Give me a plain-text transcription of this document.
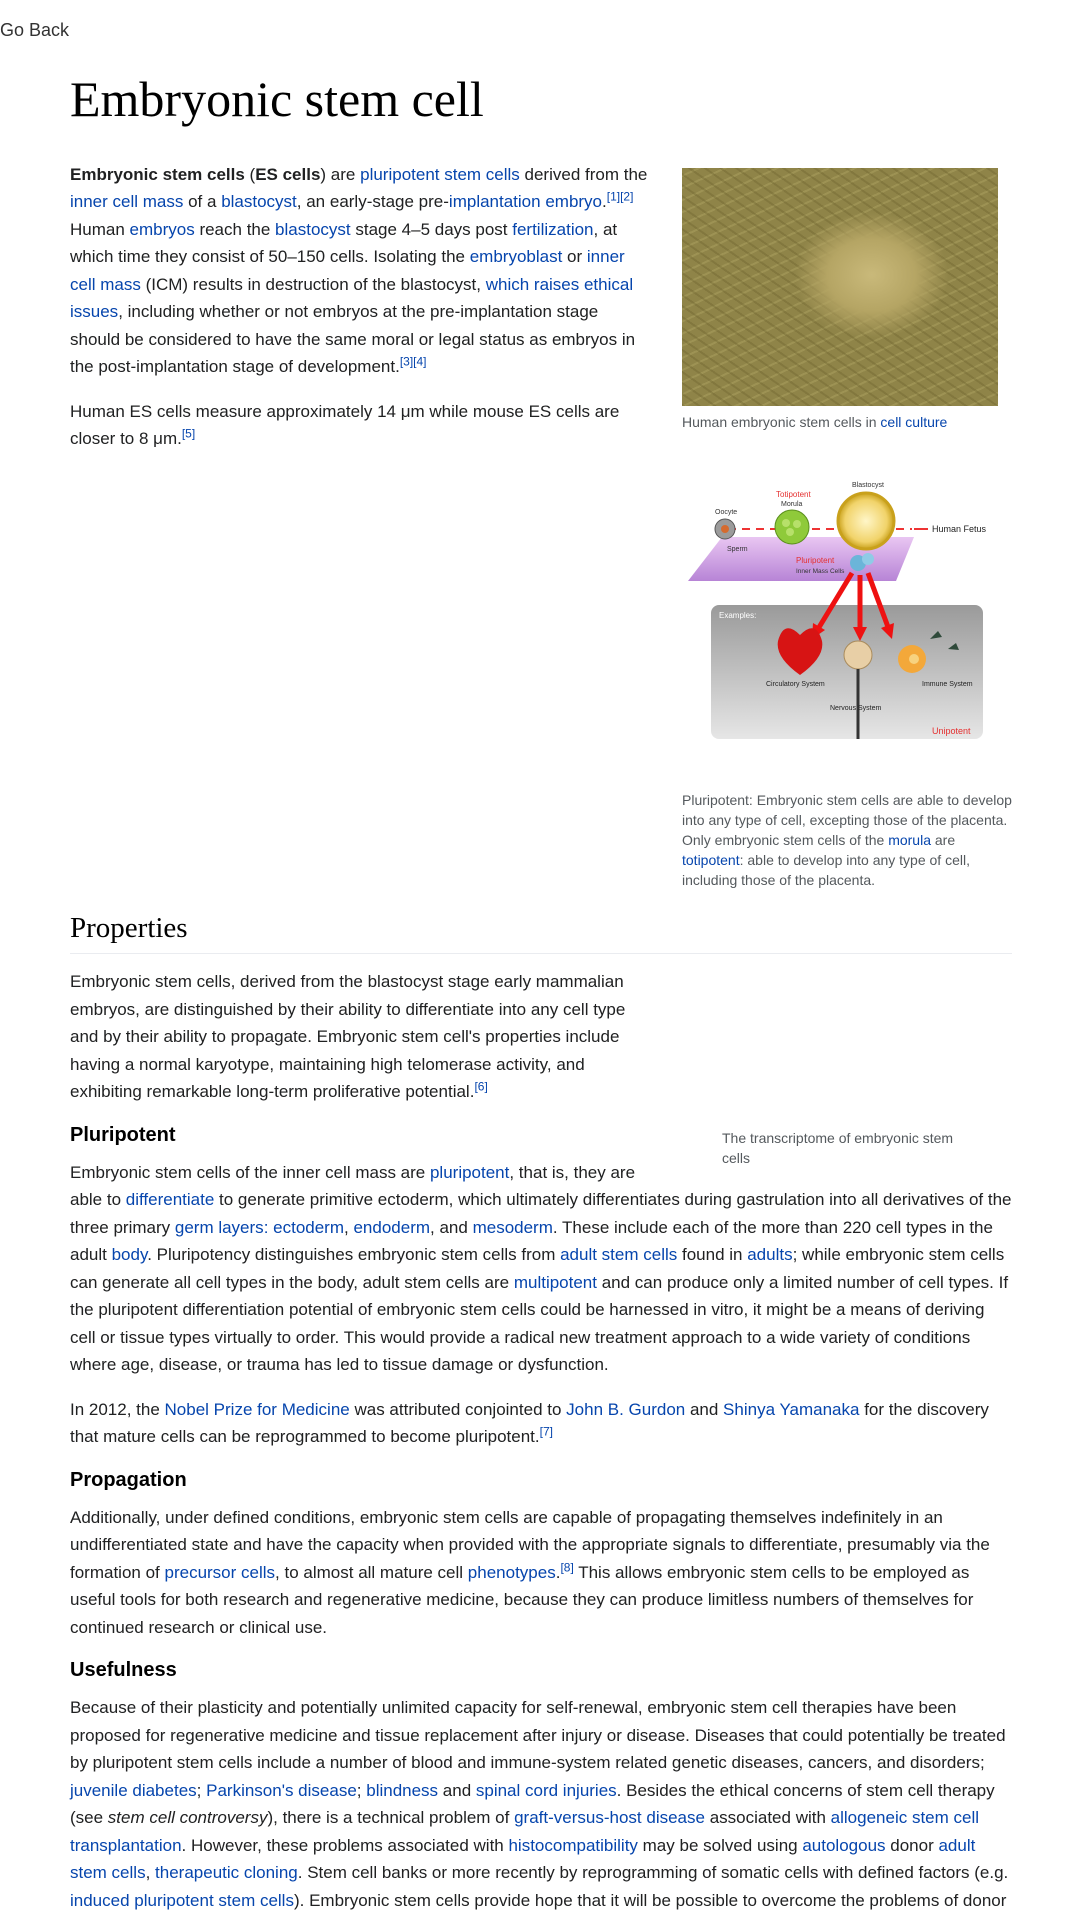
Go Back
Embryonic stem cell
Human embryonic stem cells in cell culture
Oocyte
Sperm
Totipotent
Morula
Blastocyst
Human Fetus
Pluripotent
Inner Mass Cells
Examples:
Circulatory System
Nervous System
Immune System
Unipotent
Pluripotent: Embryonic stem cells are able to develop into any type of cell, excepting those of the placenta. Only embryonic stem cells of the morula are totipotent: able to develop into any type of cell, including those of the placenta.

Embryonic stem cells (ES cells) are pluripotent stem cells derived from the inner cell mass of a blastocyst, an early-stage pre-implantation embryo.[1][2] Human embryos reach the blastocyst stage 4–5 days post fertilization, at which time they consist of 50–150 cells. Isolating the embryoblast or inner cell mass (ICM) results in destruction of the blastocyst, which raises ethical issues, including whether or not embryos at the pre-implantation stage should be considered to have the same moral or legal status as embryos in the post-implantation stage of development.[3][4]

Human ES cells measure approximately 14 μm while mouse ES cells are closer to 8 μm.[5]

Properties
The transcriptome of embryonic stem cells

Embryonic stem cells, derived from the blastocyst stage early mammalian embryos, are distinguished by their ability to differentiate into any cell type and by their ability to propagate. Embryonic stem cell's properties include having a normal karyotype, maintaining high telomerase activity, and exhibiting remarkable long-term proliferative potential.[6]

Pluripotent

Embryonic stem cells of the inner cell mass are pluripotent, that is, they are able to differentiate to generate primitive ectoderm, which ultimately differentiates during gastrulation into all derivatives of the three primary germ layers: ectoderm, endoderm, and mesoderm. These include each of the more than 220 cell types in the adult body. Pluripotency distinguishes embryonic stem cells from adult stem cells found in adults; while embryonic stem cells can generate all cell types in the body, adult stem cells are multipotent and can produce only a limited number of cell types. If the pluripotent differentiation potential of embryonic stem cells could be harnessed in vitro, it might be a means of deriving cell or tissue types virtually to order. This would provide a radical new treatment approach to a wide variety of conditions where age, disease, or trauma has led to tissue damage or dysfunction.

In 2012, the Nobel Prize for Medicine was attributed conjointed to John B. Gurdon and Shinya Yamanaka for the discovery that mature cells can be reprogrammed to become pluripotent.[7]

Propagation

Additionally, under defined conditions, embryonic stem cells are capable of propagating themselves indefinitely in an undifferentiated state and have the capacity when provided with the appropriate signals to differentiate, presumably via the formation of precursor cells, to almost all mature cell phenotypes.[8] This allows embryonic stem cells to be employed as useful tools for both research and regenerative medicine, because they can produce limitless numbers of themselves for continued research or clinical use.

Usefulness

Because of their plasticity and potentially unlimited capacity for self-renewal, embryonic stem cell therapies have been proposed for regenerative medicine and tissue replacement after injury or disease. Diseases that could potentially be treated by pluripotent stem cells include a number of blood and immune-system related genetic diseases, cancers, and disorders; juvenile diabetes; Parkinson's disease; blindness and spinal cord injuries. Besides the ethical concerns of stem cell therapy (see stem cell controversy), there is a technical problem of graft-versus-host disease associated with allogeneic stem cell transplantation. However, these problems associated with histocompatibility may be solved using autologous donor adult stem cells, therapeutic cloning. Stem cell banks or more recently by reprogramming of somatic cells with defined factors (e.g. induced pluripotent stem cells). Embryonic stem cells provide hope that it will be possible to overcome the problems of donor
